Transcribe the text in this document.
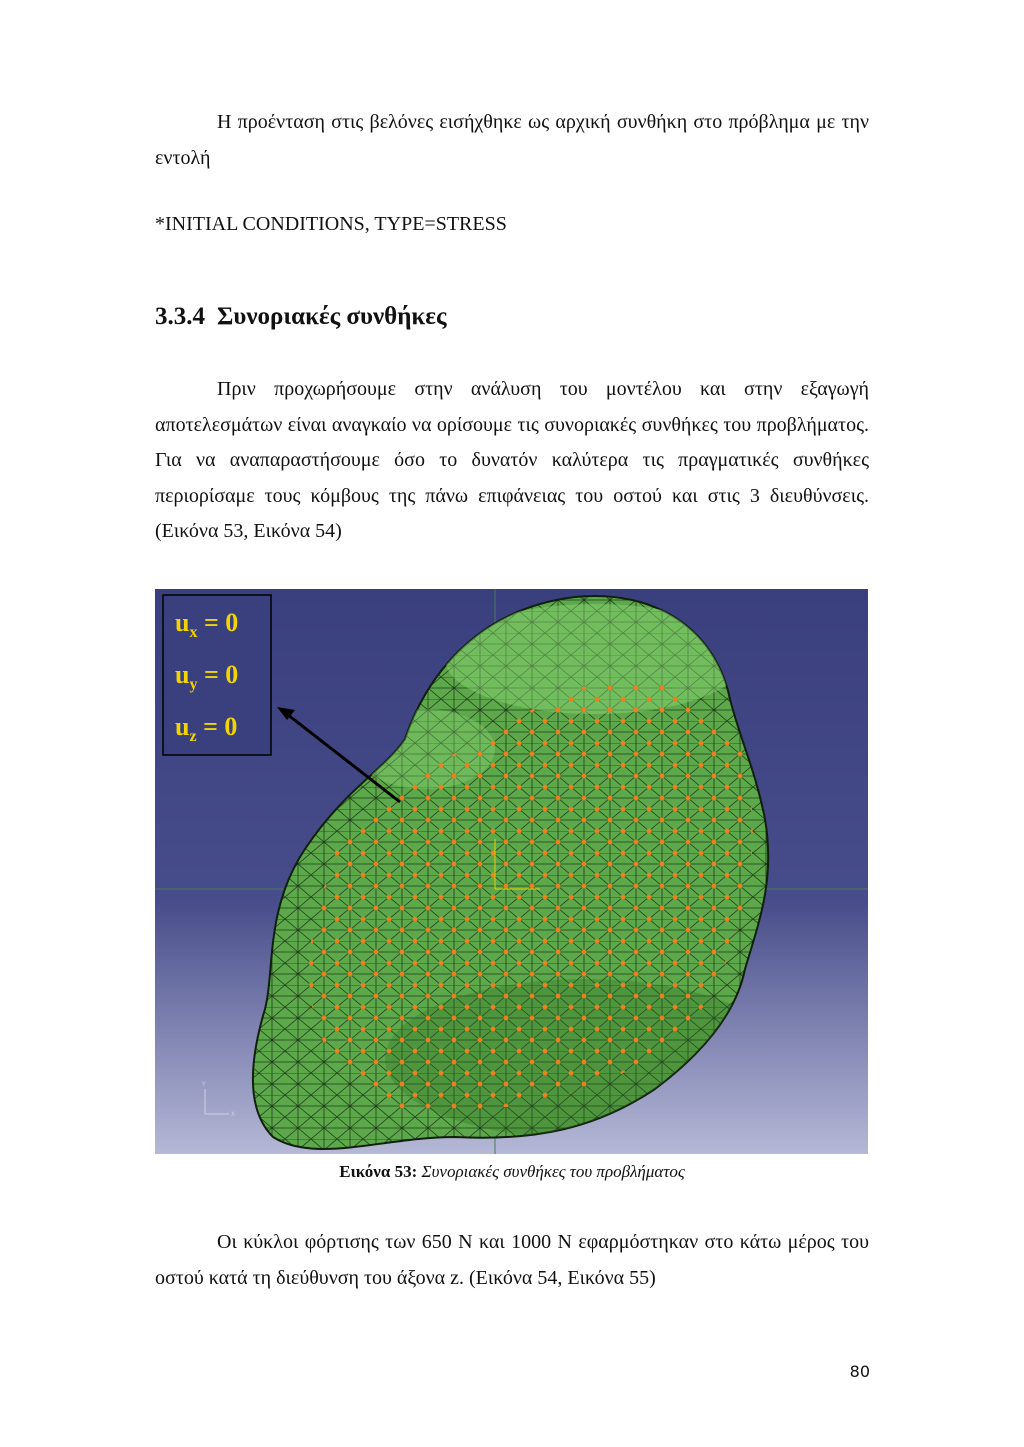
Η προένταση στις βελόνες εισήχθηκε ως αρχική συνθήκη στο πρόβλημα με την εντολή

*INITIAL CONDITIONS, TYPE=STRESS

3.3.4 Συνοριακές συνθήκες

Πριν προχωρήσουμε στην ανάλυση του μοντέλου και στην εξαγωγή αποτελεσμάτων είναι αναγκαίο να ορίσουμε τις συνοριακές συνθήκες του προβλήματος. Για να αναπαραστήσουμε όσο το δυνατόν καλύτερα τις πραγματικές συνθήκες περιορίσαμε τους κόμβους της πάνω επιφάνειας του οστού και στις 3 διευθύνσεις. (Εικόνα 53, Εικόνα 54)

Y
X
$u_x = 0$
$u_y = 0$
$u_z = 0$

Εικόνα 53: Συνοριακές συνθήκες του προβλήματος

Οι κύκλοι φόρτισης των 650 N και 1000 N εφαρμόστηκαν στο κάτω μέρος του οστού κατά τη διεύθυνση του άξονα z. (Εικόνα 54, Εικόνα 55)

80
